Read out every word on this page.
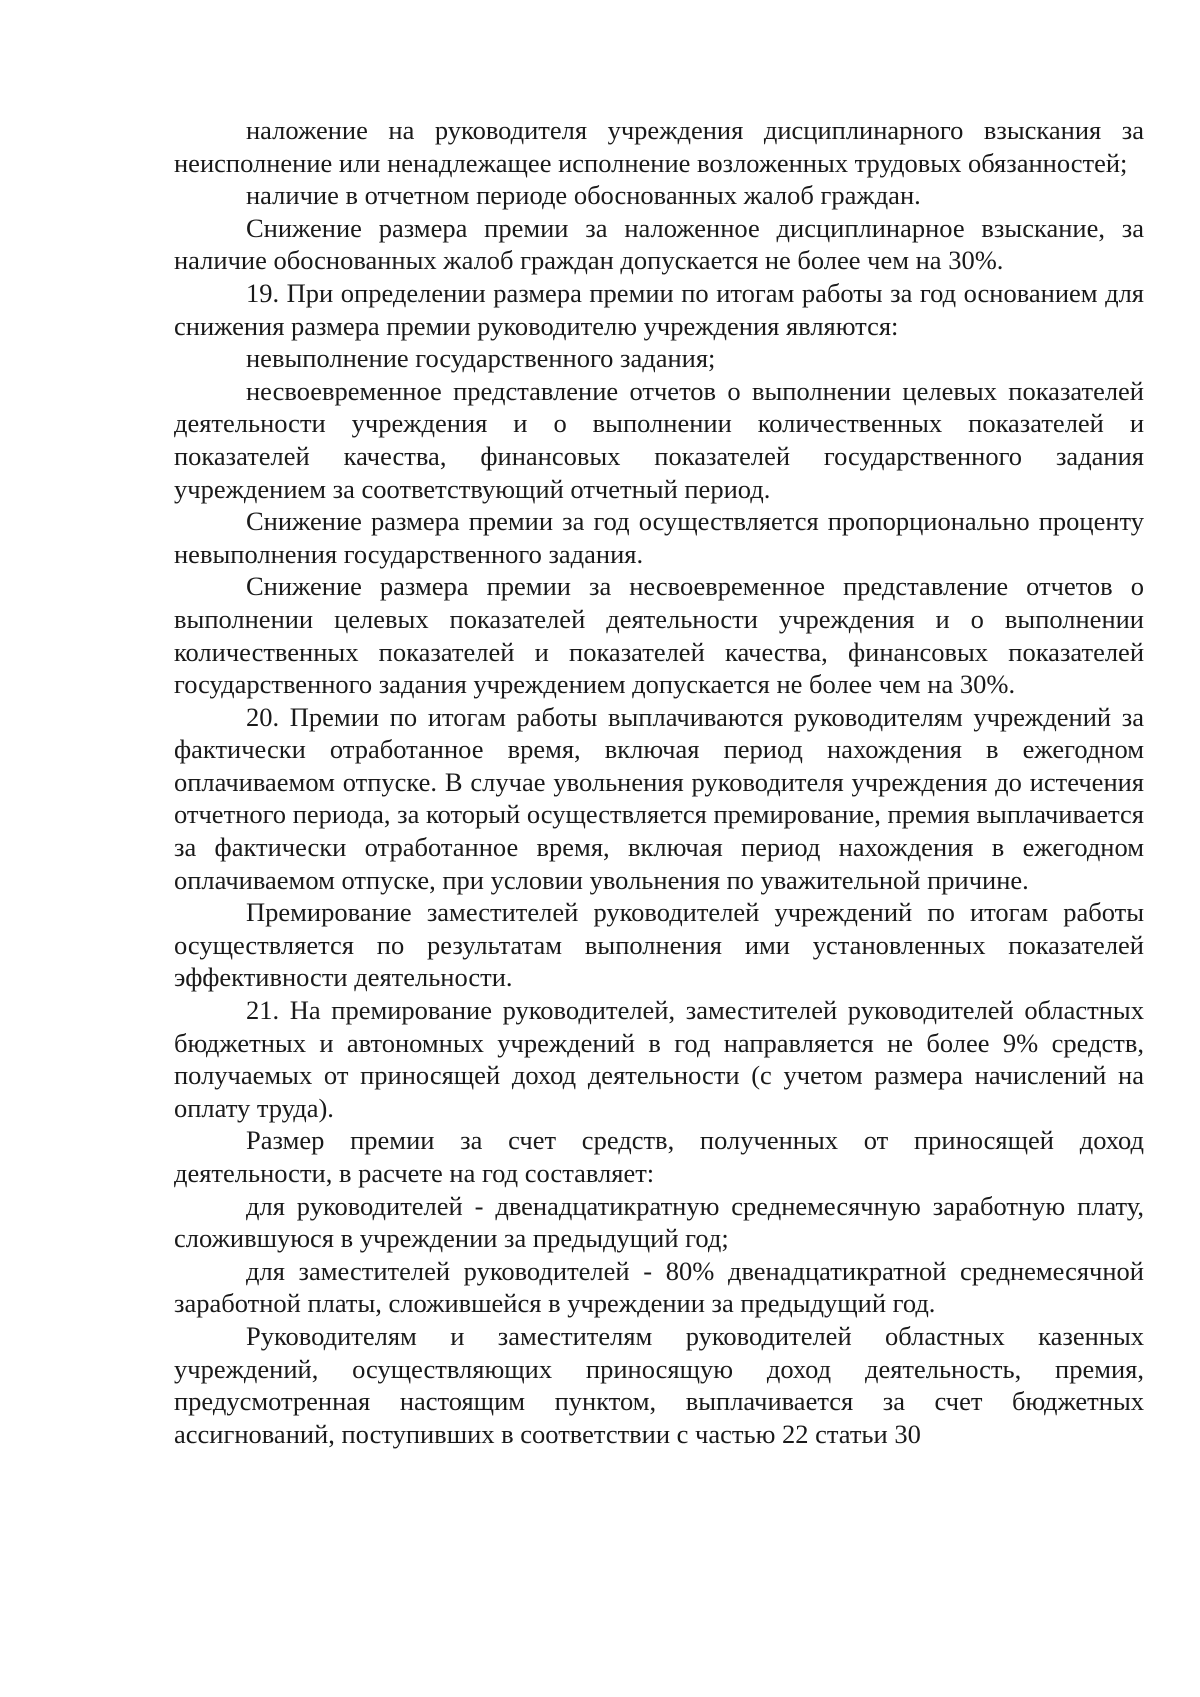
наложение на руководителя учреждения дисциплинарного взыскания за неисполнение или ненадлежащее исполнение возложенных трудовых обязанностей;

наличие в отчетном периоде обоснованных жалоб граждан.

Снижение размера премии за наложенное дисциплинарное взыскание, за наличие обоснованных жалоб граждан допускается не более чем на 30%.

19. При определении размера премии по итогам работы за год основанием для снижения размера премии руководителю учреждения являются:

невыполнение государственного задания;

несвоевременное представление отчетов о выполнении целевых показателей деятельности учреждения и о выполнении количественных показателей и показателей качества, финансовых показателей государственного задания учреждением за соответствующий отчетный период.

Снижение размера премии за год осуществляется пропорционально проценту невыполнения государственного задания.

Снижение размера премии за несвоевременное представление отчетов о выполнении целевых показателей деятельности учреждения и о выполнении количественных показателей и показателей качества, финансовых показателей государственного задания учреждением допускается не более чем на 30%.

20. Премии по итогам работы выплачиваются руководителям учреждений за фактически отработанное время, включая период нахождения в ежегодном оплачиваемом отпуске. В случае увольнения руководителя учреждения до истечения отчетного периода, за который осуществляется премирование, премия выплачивается за фактически отработанное время, включая период нахождения в ежегодном оплачиваемом отпуске, при условии увольнения по уважительной причине.

Премирование заместителей руководителей учреждений по итогам работы осуществляется по результатам выполнения ими установленных показателей эффективности деятельности.

21. На премирование руководителей, заместителей руководителей областных бюджетных и автономных учреждений в год направляется не более 9% средств, получаемых от приносящей доход деятельности (с учетом размера начислений на оплату труда).

Размер премии за счет средств, полученных от приносящей доход деятельности, в расчете на год составляет:

для руководителей - двенадцатикратную среднемесячную заработную плату, сложившуюся в учреждении за предыдущий год;

для заместителей руководителей - 80% двенадцатикратной среднемесячной заработной платы, сложившейся в учреждении за предыдущий год.

Руководителям и заместителям руководителей областных казенных учреждений, осуществляющих приносящую доход деятельность, премия, предусмотренная настоящим пунктом, выплачивается за счет бюджетных ассигнований, поступивших в соответствии с частью 22 статьи 30
